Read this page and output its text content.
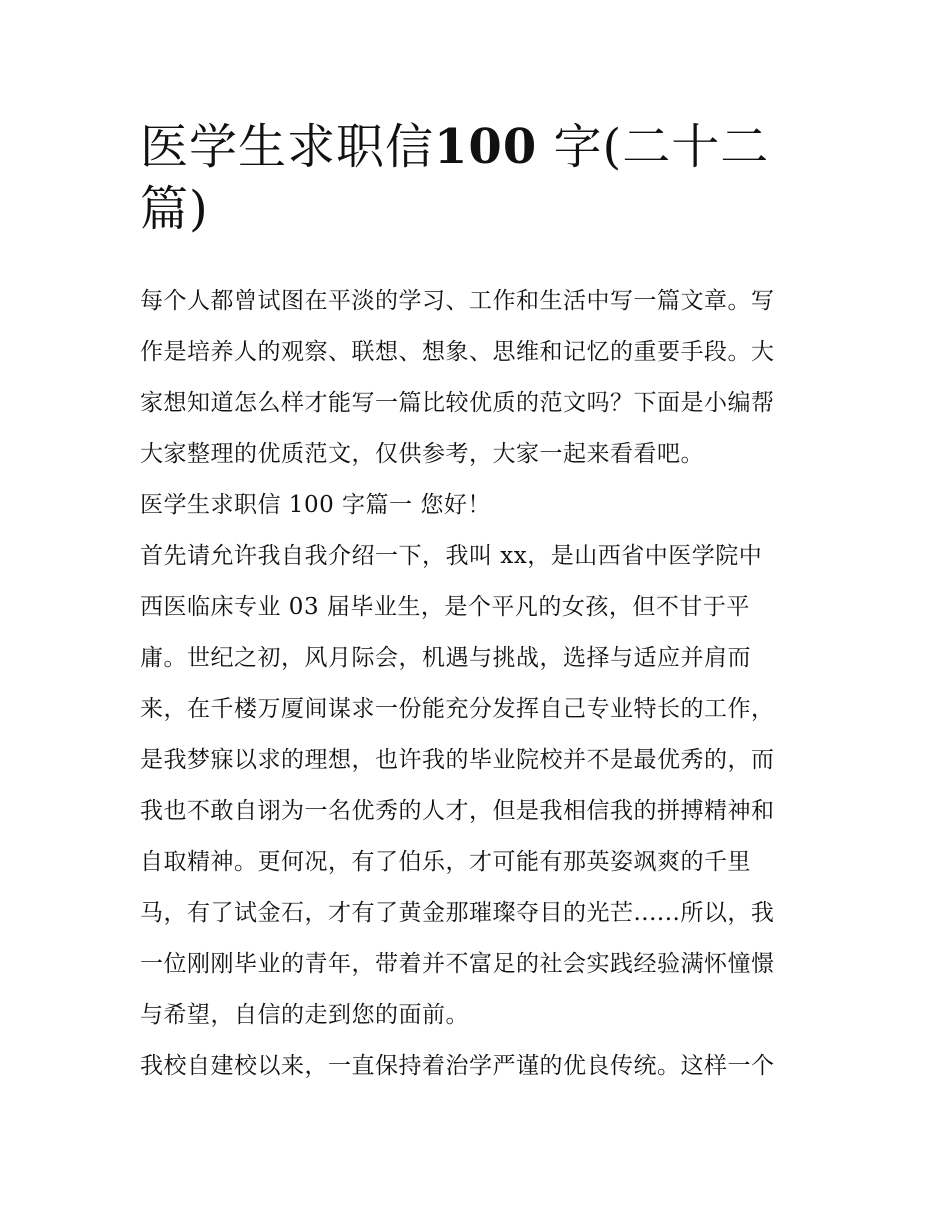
医学生求职信100 字(二十二
篇)
每个人都曾试图在平淡的学习、工作和生活中写一篇文章。写
作是培养人的观察、联想、想象、思维和记忆的重要手段。大
家想知道怎么样才能写一篇比较优质的范文吗？下面是小编帮
大家整理的优质范文，仅供参考，大家一起来看看吧。
医学生求职信 100 字篇一 您好！
首先请允许我自我介绍一下，我叫 xx，是山西省中医学院中
西医临床专业 03 届毕业生，是个平凡的女孩，但不甘于平
庸。世纪之初，风月际会，机遇与挑战，选择与适应并肩而
来，在千楼万厦间谋求一份能充分发挥自己专业特长的工作，
是我梦寐以求的理想，也许我的毕业院校并不是最优秀的，而
我也不敢自诩为一名优秀的人才，但是我相信我的拼搏精神和
自取精神。更何况，有了伯乐，才可能有那英姿飒爽的千里
马，有了试金石，才有了黄金那璀璨夺目的光芒......所以，我
一位刚刚毕业的青年，带着并不富足的社会实践经验满怀憧憬
与希望，自信的走到您的面前。
我校自建校以来，一直保持着治学严谨的优良传统。这样一个
